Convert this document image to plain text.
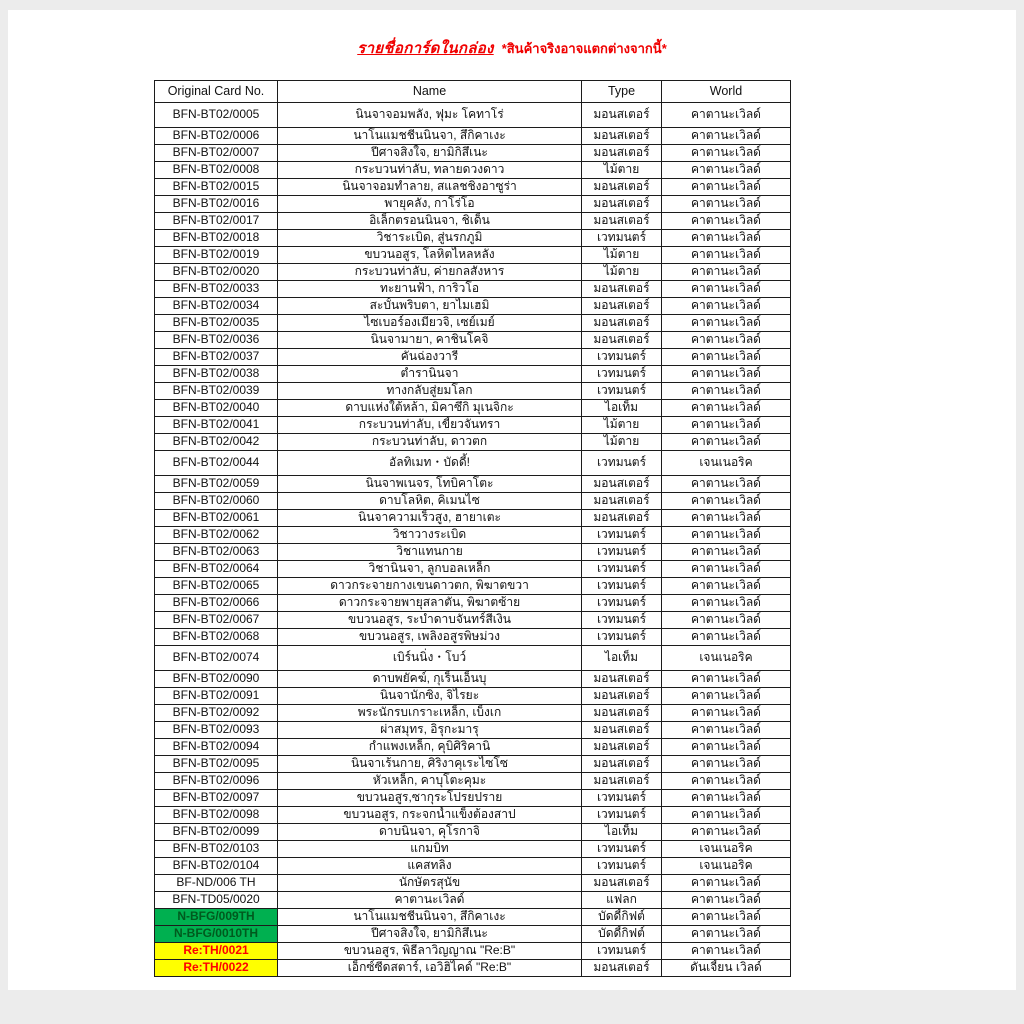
รายชื่อการ์ดในกล่อง *สินค้าจริงอาจแตกต่างจากนี้*
Original Card No.	Name	Type	World
BFN-BT02/0005	นินจาจอมพลัง, ฟุมะ โคทาโร่	มอนสเตอร์	คาตานะเวิลด์
BFN-BT02/0006	นาโนแมชชีนนินจา, สึกิคาเงะ	มอนสเตอร์	คาตานะเวิลด์
BFN-BT02/0007	ปีศาจสิงใจ, ยามิกิสึเนะ	มอนสเตอร์	คาตานะเวิลด์
BFN-BT02/0008	กระบวนท่าลับ, ทลายดวงดาว	ไม้ตาย	คาตานะเวิลด์
BFN-BT02/0015	นินจาจอมทำลาย, สแลชชิ่งอาซูร่า	มอนสเตอร์	คาตานะเวิลด์
BFN-BT02/0016	พายุคลั่ง, กาโร่โอ	มอนสเตอร์	คาตานะเวิลด์
BFN-BT02/0017	อิเล็กตรอนนินจา, ชิเด็น	มอนสเตอร์	คาตานะเวิลด์
BFN-BT02/0018	วิชาระเบิด, สู่นรกภูมิ	เวทมนตร์	คาตานะเวิลด์
BFN-BT02/0019	ขบวนอสูร, โลหิตไหลหลั่ง	ไม้ตาย	คาตานะเวิลด์
BFN-BT02/0020	กระบวนท่าลับ, ค่ายกลสังหาร	ไม้ตาย	คาตานะเวิลด์
BFN-BT02/0033	ทะยานฟ้า, การิวโอ	มอนสเตอร์	คาตานะเวิลด์
BFN-BT02/0034	สะบั้นพริบตา, ยาไมเฮมิ	มอนสเตอร์	คาตานะเวิลด์
BFN-BT02/0035	ไซเบอร์องเมียวจิ, เซย์เมย์	มอนสเตอร์	คาตานะเวิลด์
BFN-BT02/0036	นินจามายา, คาชินโคจิ	มอนสเตอร์	คาตานะเวิลด์
BFN-BT02/0037	คันฉ่องวารี	เวทมนตร์	คาตานะเวิลด์
BFN-BT02/0038	ตำรานินจา	เวทมนตร์	คาตานะเวิลด์
BFN-BT02/0039	ทางกลับสู่ยมโลก	เวทมนตร์	คาตานะเวิลด์
BFN-BT02/0040	ดาบแห่งใต้หล้า, มิคาซึกิ มุเนจิกะ	ไอเท็ม	คาตานะเวิลด์
BFN-BT02/0041	กระบวนท่าลับ, เขี้ยวจันทรา	ไม้ตาย	คาตานะเวิลด์
BFN-BT02/0042	กระบวนท่าลับ, ดาวตก	ไม้ตาย	คาตานะเวิลด์
BFN-BT02/0044	อัลทิเมท・บัดดี้!	เวทมนตร์	เจนเนอริค
BFN-BT02/0059	นินจาพเนจร, โทบิคาโตะ	มอนสเตอร์	คาตานะเวิลด์
BFN-BT02/0060	ดาบโลหิต, คิเมนไซ	มอนสเตอร์	คาตานะเวิลด์
BFN-BT02/0061	นินจาความเร็วสูง, ฮายาเตะ	มอนสเตอร์	คาตานะเวิลด์
BFN-BT02/0062	วิชาวางระเบิด	เวทมนตร์	คาตานะเวิลด์
BFN-BT02/0063	วิชาแทนกาย	เวทมนตร์	คาตานะเวิลด์
BFN-BT02/0064	วิชานินจา, ลูกบอลเหล็ก	เวทมนตร์	คาตานะเวิลด์
BFN-BT02/0065	ดาวกระจายกางเขนดาวตก, พิฆาตขวา	เวทมนตร์	คาตานะเวิลด์
BFN-BT02/0066	ดาวกระจายพายุสลาตัน, พิฆาตซ้าย	เวทมนตร์	คาตานะเวิลด์
BFN-BT02/0067	ขบวนอสูร, ระบำดาบจันทร์สีเงิน	เวทมนตร์	คาตานะเวิลด์
BFN-BT02/0068	ขบวนอสูร, เพลิงอสูรพิษม่วง	เวทมนตร์	คาตานะเวิลด์
BFN-BT02/0074	เบิร์นนิ่ง・โบว์	ไอเท็ม	เจนเนอริค
BFN-BT02/0090	ดาบพยัคฆ์, กุเร็นเอ็นบุ	มอนสเตอร์	คาตานะเวิลด์
BFN-BT02/0091	นินจานักซิ่ง, จิไรยะ	มอนสเตอร์	คาตานะเวิลด์
BFN-BT02/0092	พระนักรบเกราะเหล็ก, เบ็งเก	มอนสเตอร์	คาตานะเวิลด์
BFN-BT02/0093	ผ่าสมุทร, อิรุกะมารุ	มอนสเตอร์	คาตานะเวิลด์
BFN-BT02/0094	กำแพงเหล็ก, คุบิศิริคานิ	มอนสเตอร์	คาตานะเวิลด์
BFN-BT02/0095	นินจาเร้นกาย, ศิริงาคุเระไซโซ	มอนสเตอร์	คาตานะเวิลด์
BFN-BT02/0096	หัวเหล็ก, คาบุโตะคุมะ	มอนสเตอร์	คาตานะเวิลด์
BFN-BT02/0097	ขบวนอสูร,ซากุระโปรยปราย	เวทมนตร์	คาตานะเวิลด์
BFN-BT02/0098	ขบวนอสูร, กระจกน้ำแข็งต้องสาป	เวทมนตร์	คาตานะเวิลด์
BFN-BT02/0099	ดาบนินจา, คุโรกาจิ	ไอเท็ม	คาตานะเวิลด์
BFN-BT02/0103	แกมบิท	เวทมนตร์	เจนเนอริค
BFN-BT02/0104	แคสทลิ่ง	เวทมนตร์	เจนเนอริค
BF-ND/006 TH	นักษัตรสุนัข	มอนสเตอร์	คาตานะเวิลด์
BFN-TD05/0020	คาตานะเวิลด์	แฟลก	คาตานะเวิลด์
N-BFG/009TH	นาโนแมชชีนนินจา, สึกิคาเงะ	บัดดี้กิฟต์	คาตานะเวิลด์
N-BFG/0010TH	ปีศาจสิงใจ, ยามิกิสึเนะ	บัดดี้กิฟต์	คาตานะเวิลด์
Re:TH/0021	ขบวนอสูร, พิธีลาวิญญาณ "Re:B"	เวทมนตร์	คาตานะเวิลด์
Re:TH/0022	เอ็กซ์ซีดสตาร์, เอวิฮิไคด์ "Re:B"	มอนสเตอร์	ดันเจี้ยน เวิลด์
